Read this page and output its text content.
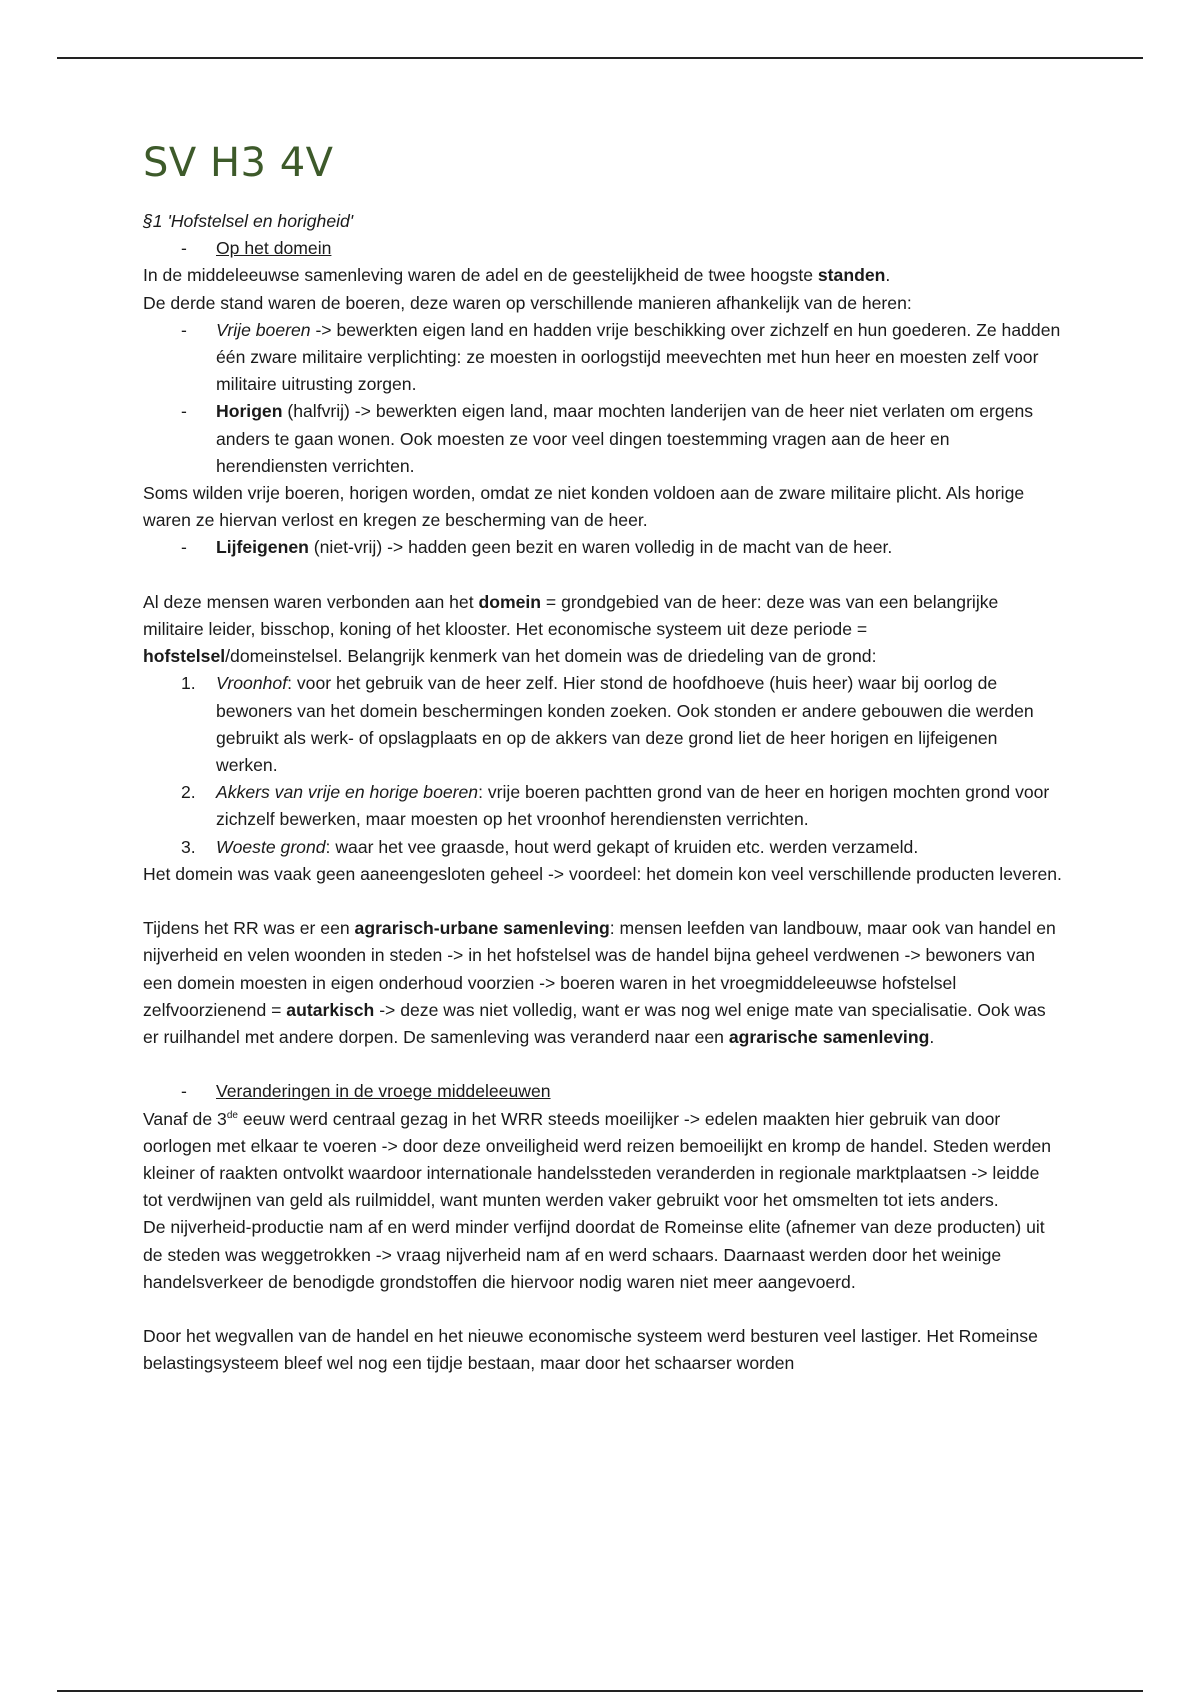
SV H3 4V

§1 'Hofstelsel en horigheid'

-	Op het domein

In de middeleeuwse samenleving waren de adel en de geestelijkheid de twee hoogste standen.

De derde stand waren de boeren, deze waren op verschillende manieren afhankelijk van de heren:

-	Vrije boeren -> bewerkten eigen land en hadden vrije beschikking over zichzelf en hun goederen. Ze hadden één zware militaire verplichting: ze moesten in oorlogstijd meevechten met hun heer en moesten zelf voor militaire uitrusting zorgen.
-	Horigen (halfvrij) -> bewerkten eigen land, maar mochten landerijen van de heer niet verlaten om ergens anders te gaan wonen. Ook moesten ze voor veel dingen toestemming vragen aan de heer en herendiensten verrichten.

Soms wilden vrije boeren, horigen worden, omdat ze niet konden voldoen aan de zware militaire plicht. Als horige waren ze hiervan verlost en kregen ze bescherming van de heer.

-	Lijfeigenen (niet-vrij) -> hadden geen bezit en waren volledig in de macht van de heer.

Al deze mensen waren verbonden aan het domein = grondgebied van de heer: deze was van een belangrijke militaire leider, bisschop, koning of het klooster. Het economische systeem uit deze periode = hofstelsel/domeinstelsel. Belangrijk kenmerk van het domein was de driedeling van de grond:

1.	Vroonhof: voor het gebruik van de heer zelf. Hier stond de hoofdhoeve (huis heer) waar bij oorlog de bewoners van het domein beschermingen konden zoeken. Ook stonden er andere gebouwen die werden gebruikt als werk- of opslagplaats en op de akkers van deze grond liet de heer horigen en lijfeigenen werken.
2.	Akkers van vrije en horige boeren: vrije boeren pachtten grond van de heer en horigen mochten grond voor zichzelf bewerken, maar moesten op het vroonhof herendiensten verrichten.
3.	Woeste grond: waar het vee graasde, hout werd gekapt of kruiden etc. werden verzameld.

Het domein was vaak geen aaneengesloten geheel -> voordeel: het domein kon veel verschillende producten leveren.

Tijdens het RR was er een agrarisch-urbane samenleving: mensen leefden van landbouw, maar ook van handel en nijverheid en velen woonden in steden -> in het hofstelsel was de handel bijna geheel verdwenen -> bewoners van een domein moesten in eigen onderhoud voorzien -> boeren waren in het vroegmiddeleeuwse hofstelsel zelfvoorzienend = autarkisch -> deze was niet volledig, want er was nog wel enige mate van specialisatie. Ook was er ruilhandel met andere dorpen. De samenleving was veranderd naar een agrarische samenleving.

-	Veranderingen in de vroege middeleeuwen

Vanaf de 3de eeuw werd centraal gezag in het WRR steeds moeilijker -> edelen maakten hier gebruik van door oorlogen met elkaar te voeren -> door deze onveiligheid werd reizen bemoeilijkt en kromp de handel. Steden werden kleiner of raakten ontvolkt waardoor internationale handelssteden veranderden in regionale marktplaatsen -> leidde tot verdwijnen van geld als ruilmiddel, want munten werden vaker gebruikt voor het omsmelten tot iets anders.

De nijverheid-productie nam af en werd minder verfijnd doordat de Romeinse elite (afnemer van deze producten) uit de steden was weggetrokken -> vraag nijverheid nam af en werd schaars. Daarnaast werden door het weinige handelsverkeer de benodigde grondstoffen die hiervoor nodig waren niet meer aangevoerd.

Door het wegvallen van de handel en het nieuwe economische systeem werd besturen veel lastiger. Het Romeinse belastingsysteem bleef wel nog een tijdje bestaan, maar door het schaarser worden
